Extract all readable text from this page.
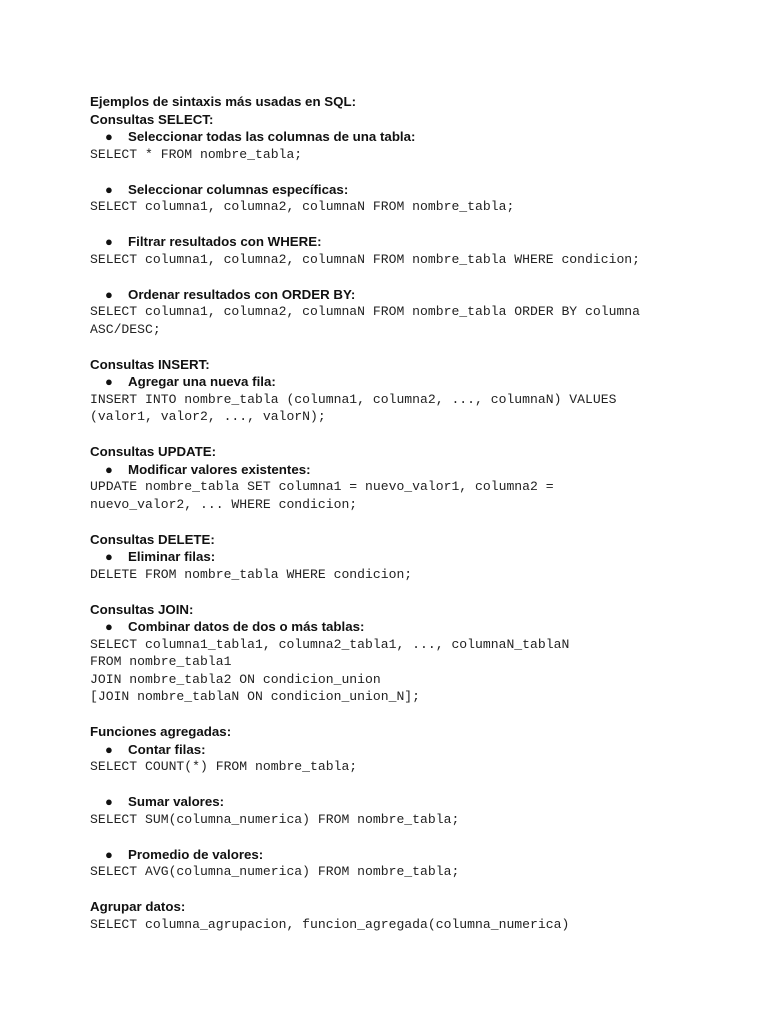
Ejemplos de sintaxis más usadas en SQL:
Consultas SELECT:
● Seleccionar todas las columnas de una tabla:
SELECT * FROM nombre_tabla;
● Seleccionar columnas específicas:
SELECT columna1, columna2, columnaN FROM nombre_tabla;
● Filtrar resultados con WHERE:
SELECT columna1, columna2, columnaN FROM nombre_tabla WHERE condicion;
● Ordenar resultados con ORDER BY:
SELECT columna1, columna2, columnaN FROM nombre_tabla ORDER BY columna
ASC/DESC;
Consultas INSERT:
● Agregar una nueva fila:
INSERT INTO nombre_tabla (columna1, columna2, ..., columnaN) VALUES
(valor1, valor2, ..., valorN);
Consultas UPDATE:
● Modificar valores existentes:
UPDATE nombre_tabla SET columna1 = nuevo_valor1, columna2 =
nuevo_valor2, ... WHERE condicion;
Consultas DELETE:
● Eliminar filas:
DELETE FROM nombre_tabla WHERE condicion;
Consultas JOIN:
● Combinar datos de dos o más tablas:
SELECT columna1_tabla1, columna2_tabla1, ..., columnaN_tablaN
FROM nombre_tabla1
JOIN nombre_tabla2 ON condicion_union
[JOIN nombre_tablaN ON condicion_union_N];
Funciones agregadas:
● Contar filas:
SELECT COUNT(*) FROM nombre_tabla;
● Sumar valores:
SELECT SUM(columna_numerica) FROM nombre_tabla;
● Promedio de valores:
SELECT AVG(columna_numerica) FROM nombre_tabla;
Agrupar datos:
SELECT columna_agrupacion, funcion_agregada(columna_numerica)
